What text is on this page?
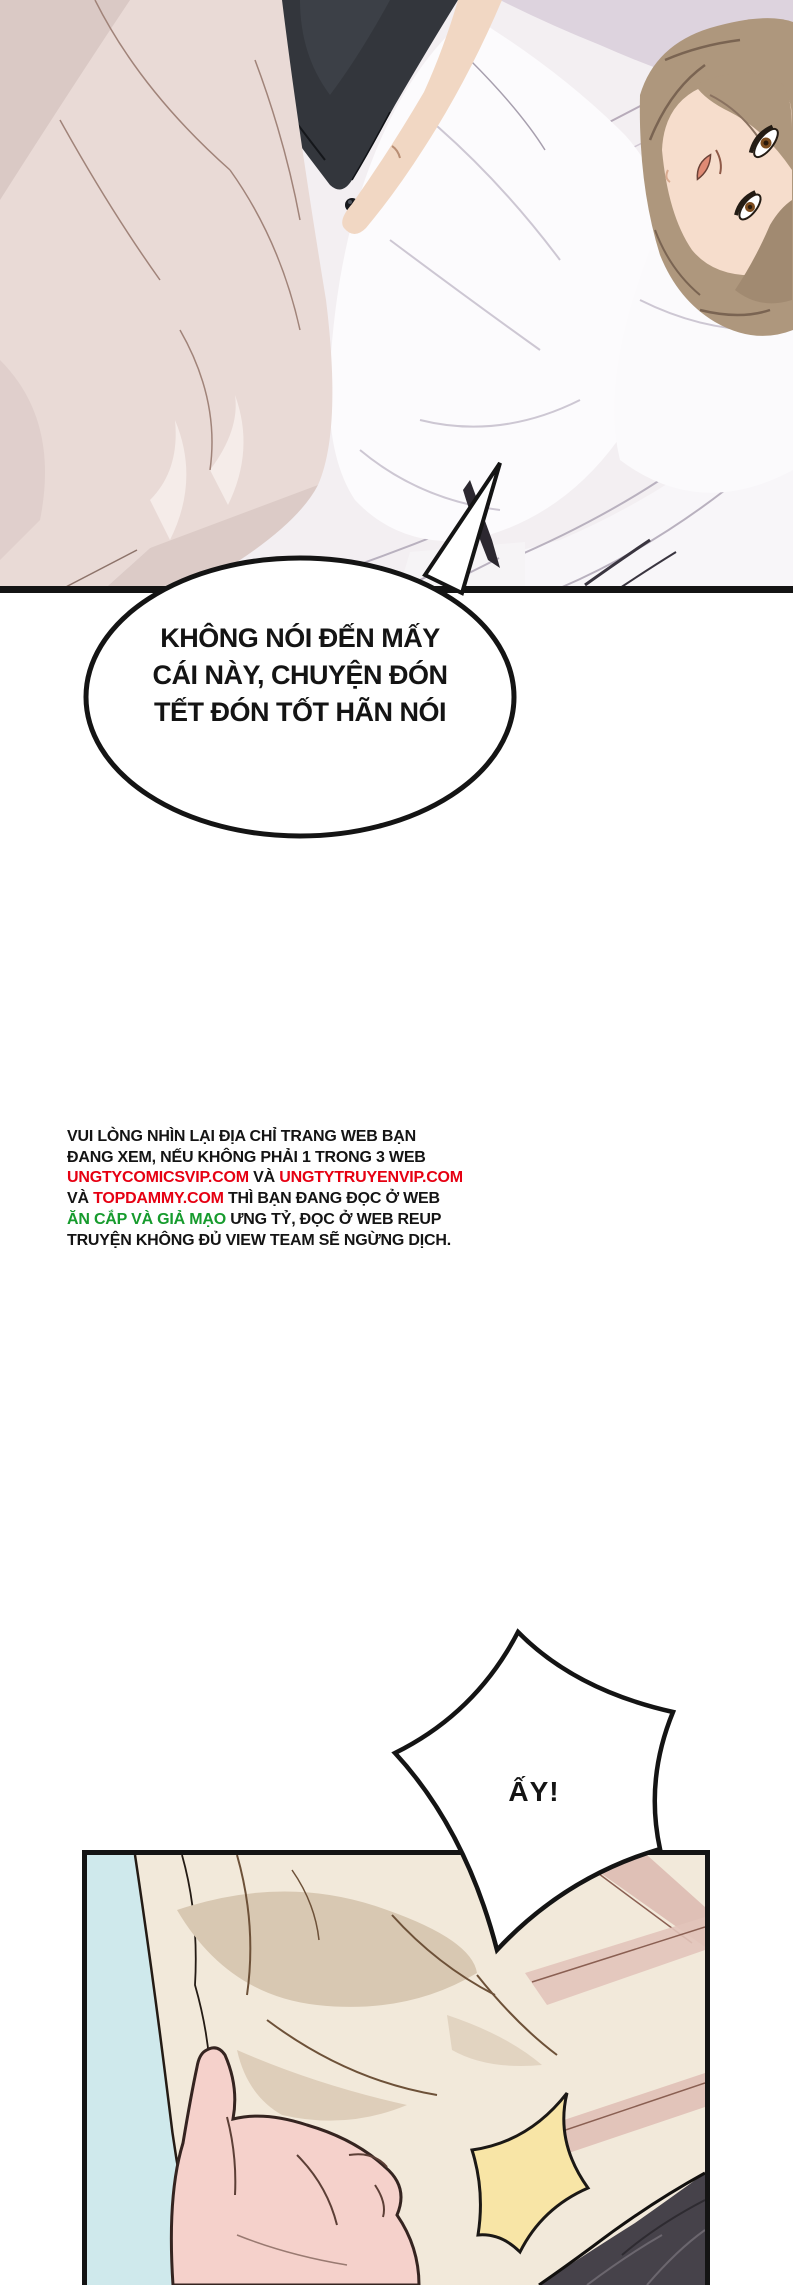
KHÔNG NÓI ĐẾN MẤY
CÁI NÀY, CHUYỆN ĐÓN
TẾT ĐÓN TỐT HÃN NÓI
VUI LÒNG NHÌN LẠI ĐỊA CHỈ TRANG WEB BẠN
ĐANG XEM, NẾU KHÔNG PHẢI 1 TRONG 3 WEB
UNGTYCOMICSVIP.COM VÀ UNGTYTRUYENVIP.COM
VÀ TOPDAMMY.COM THÌ BẠN ĐANG ĐỌC Ở WEB
ĂN CẮP VÀ GIẢ MẠO ƯNG TỶ, ĐỌC Ở WEB REUP
TRUYỆN KHÔNG ĐỦ VIEW TEAM SẼ NGỪNG DỊCH.
ẤY!
